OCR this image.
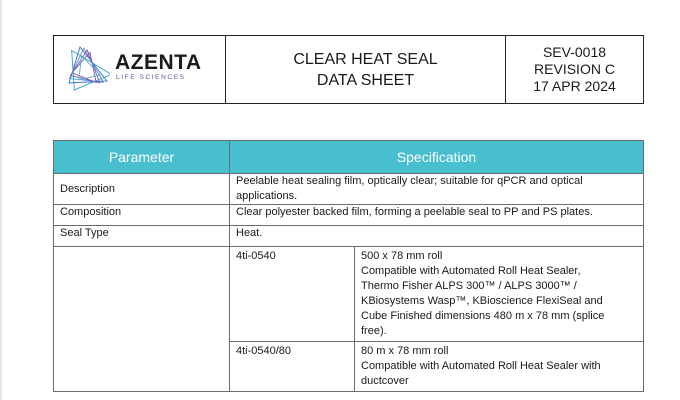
AZENTA
LIFE SCIENCES
CLEAR HEAT SEAL
DATA SHEET
SEV-0018
REVISION C
17 APR 2024
Parameter	Specification
Description	Peelable heat sealing film, optically clear; suitable for qPCR and optical applications.
Composition	Clear polyester backed film, forming a peelable seal to PP and PS plates.
Seal Type	Heat.

4ti-0540	500 x 78 mm roll
Compatible with Automated Roll Heat Sealer,
Thermo Fisher ALPS 300™ / ALPS 3000™ /
KBiosystems Wasp™, KBioscience FlexiSeal and
Cube Finished dimensions 480 m x 78 mm (splice
free).

4ti-0540/80	80 m x 78 mm roll
Compatible with Automated Roll Heat Sealer with
ductcover
